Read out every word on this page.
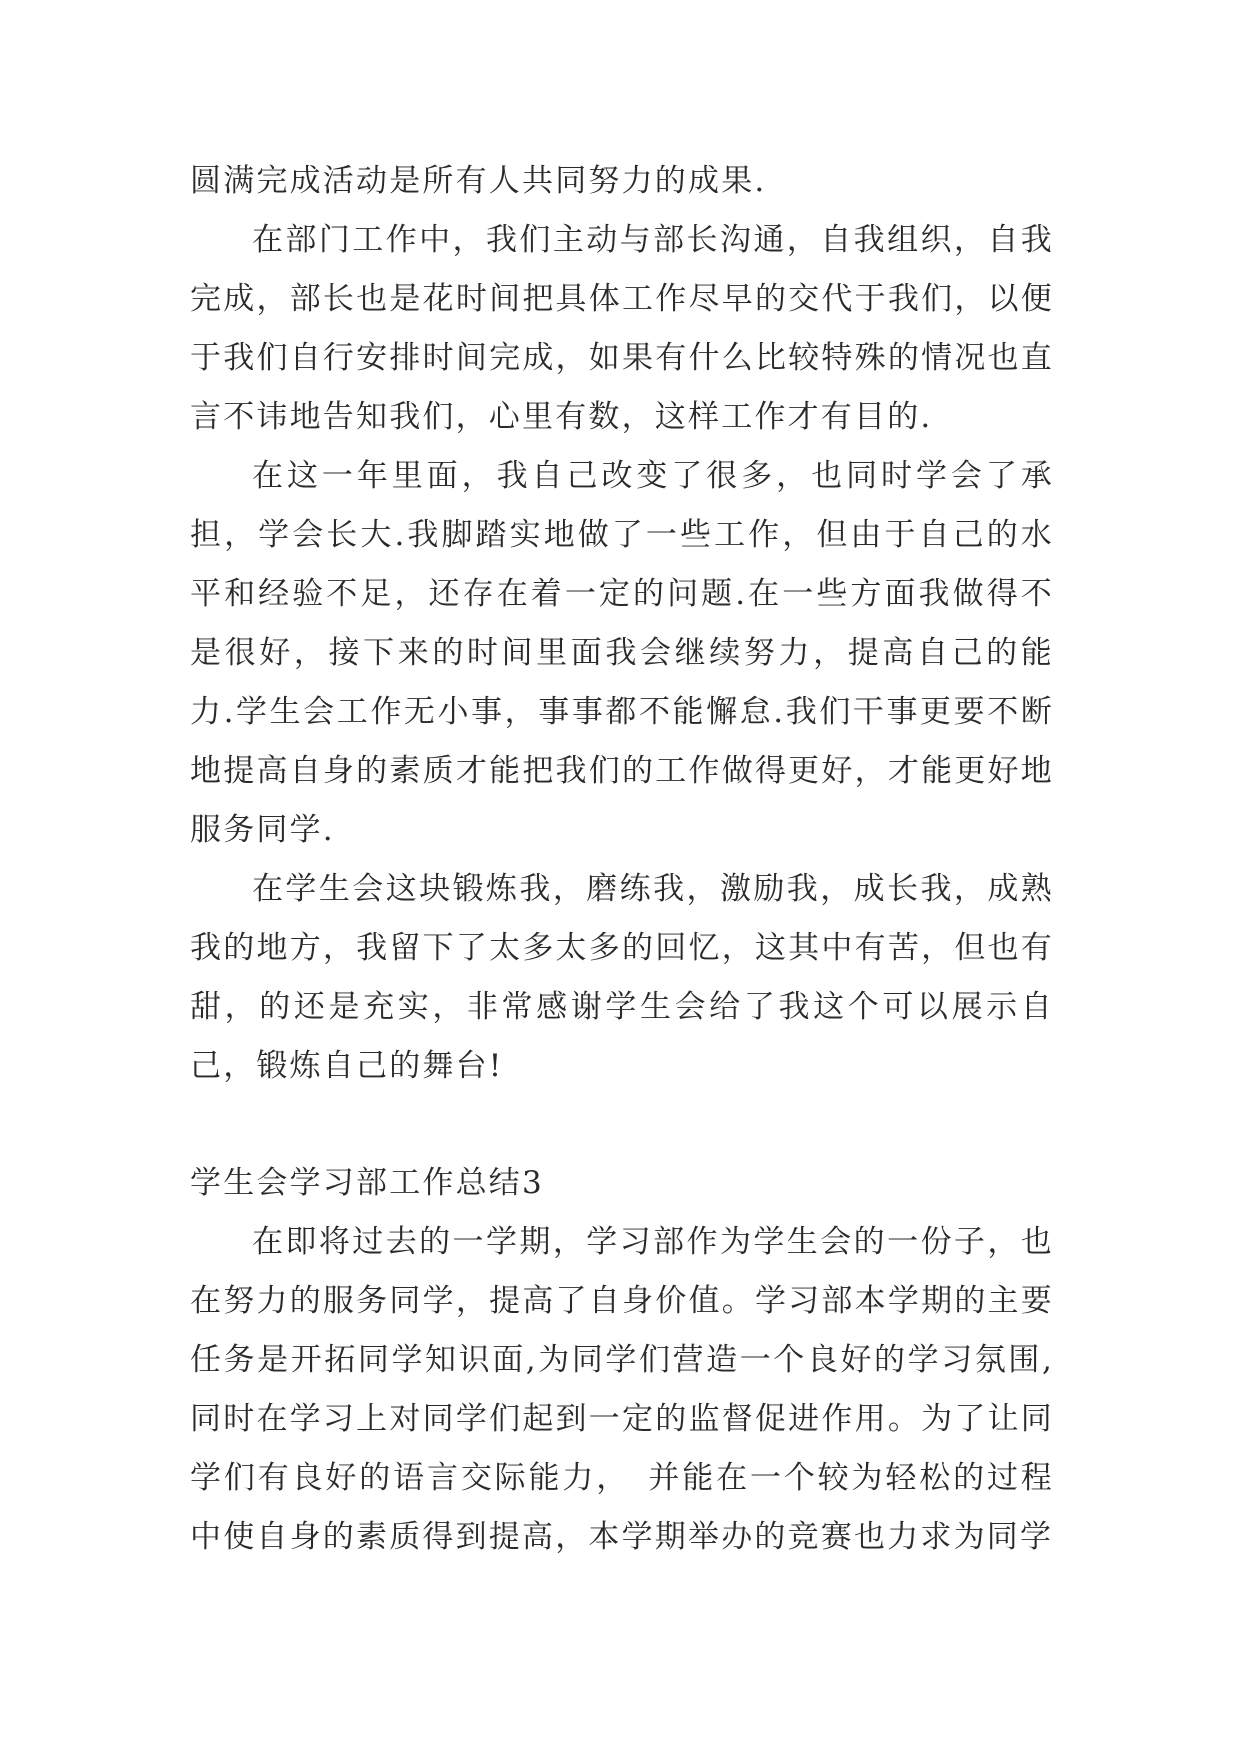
圆满完成活动是所有人共同努力的成果.

在部门工作中，我们主动与部长沟通，自我组织，自我完成，部长也是花时间把具体工作尽早的交代于我们，以便于我们自行安排时间完成，如果有什么比较特殊的情况也直言不讳地告知我们，心里有数，这样工作才有目的.

在这一年里面，我自己改变了很多，也同时学会了承担，学会长大.我脚踏实地做了一些工作，但由于自己的水平和经验不足，还存在着一定的问题.在一些方面我做得不是很好，接下来的时间里面我会继续努力，提高自己的能力.学生会工作无小事，事事都不能懈怠.我们干事更要不断地提高自身的素质才能把我们的工作做得更好，才能更好地服务同学.

在学生会这块锻炼我，磨练我，激励我，成长我，成熟我的地方，我留下了太多太多的回忆，这其中有苦，但也有甜，的还是充实，非常感谢学生会给了我这个可以展示自己，锻炼自己的舞台!

学生会学习部工作总结3

在即将过去的一学期，学习部作为学生会的一份子，也在努力的服务同学，提高了自身价值。学习部本学期的主要任务是开拓同学知识面,为同学们营造一个良好的学习氛围,同时在学习上对同学们起到一定的监督促进作用。为了让同学们有良好的语言交际能力，　并能在一个较为轻松的过程中使自身的素质得到提高，本学期举办的竞赛也力求为同学
